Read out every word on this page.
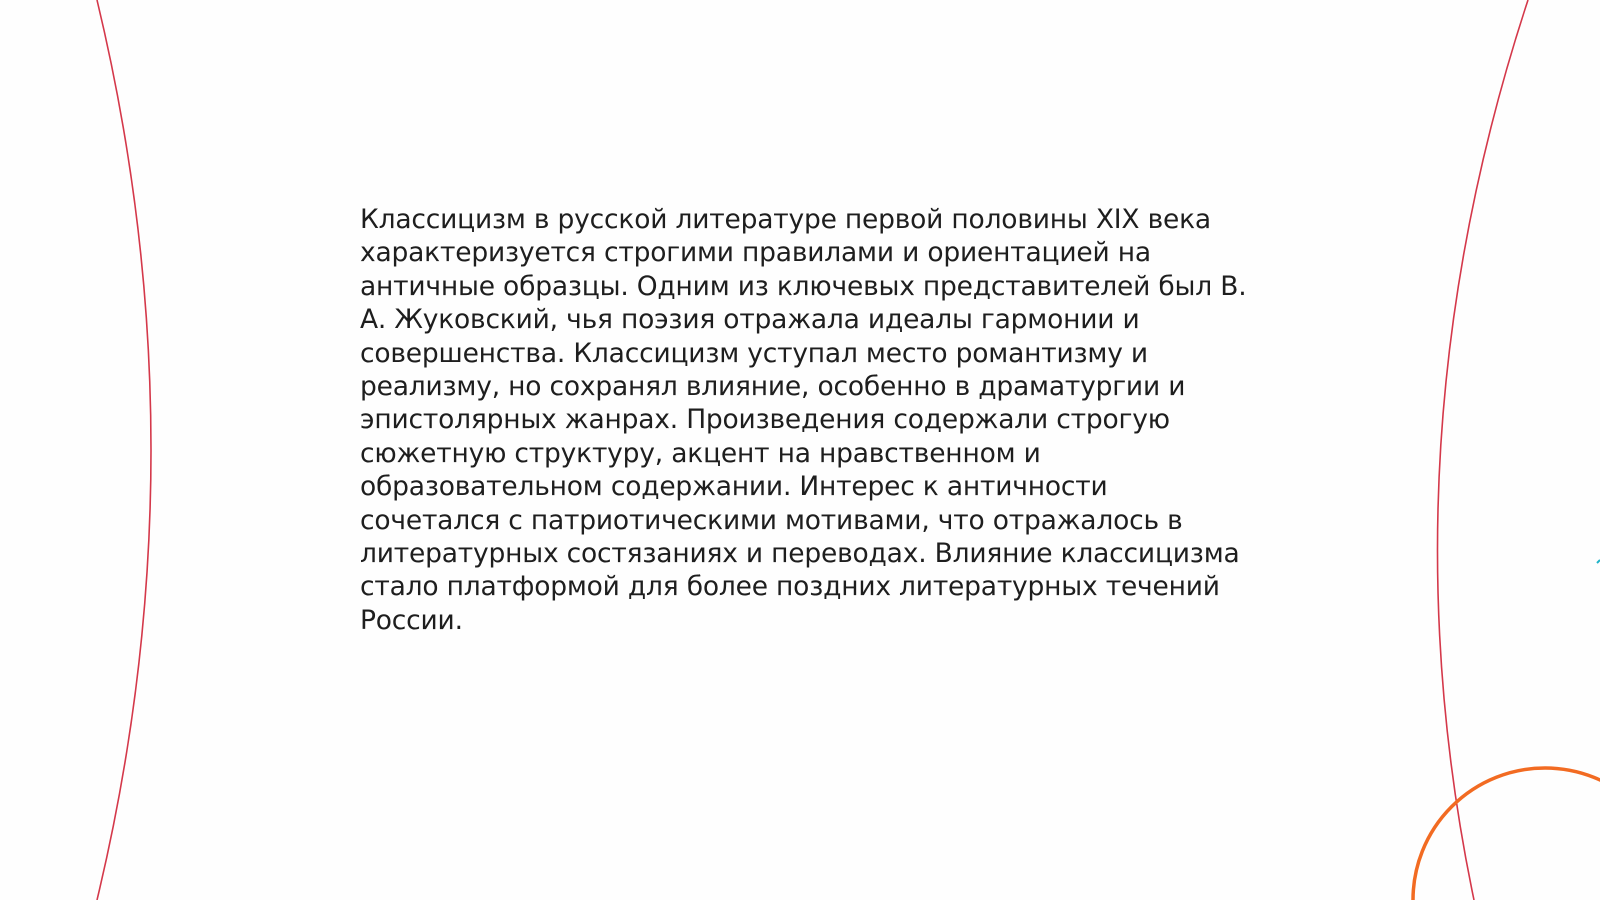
Классицизм в русской литературе первой половины XIX века
характеризуется строгими правилами и ориентацией на
античные образцы. Одним из ключевых представителей был В.
А. Жуковский, чья поэзия отражала идеалы гармонии и
совершенства. Классицизм уступал место романтизму и
реализму, но сохранял влияние, особенно в драматургии и
эпистолярных жанрах. Произведения содержали строгую
сюжетную структуру, акцент на нравственном и
образовательном содержании. Интерес к античности
сочетался с патриотическими мотивами, что отражалось в
литературных состязаниях и переводах. Влияние классицизма
стало платформой для более поздних литературных течений
России.
